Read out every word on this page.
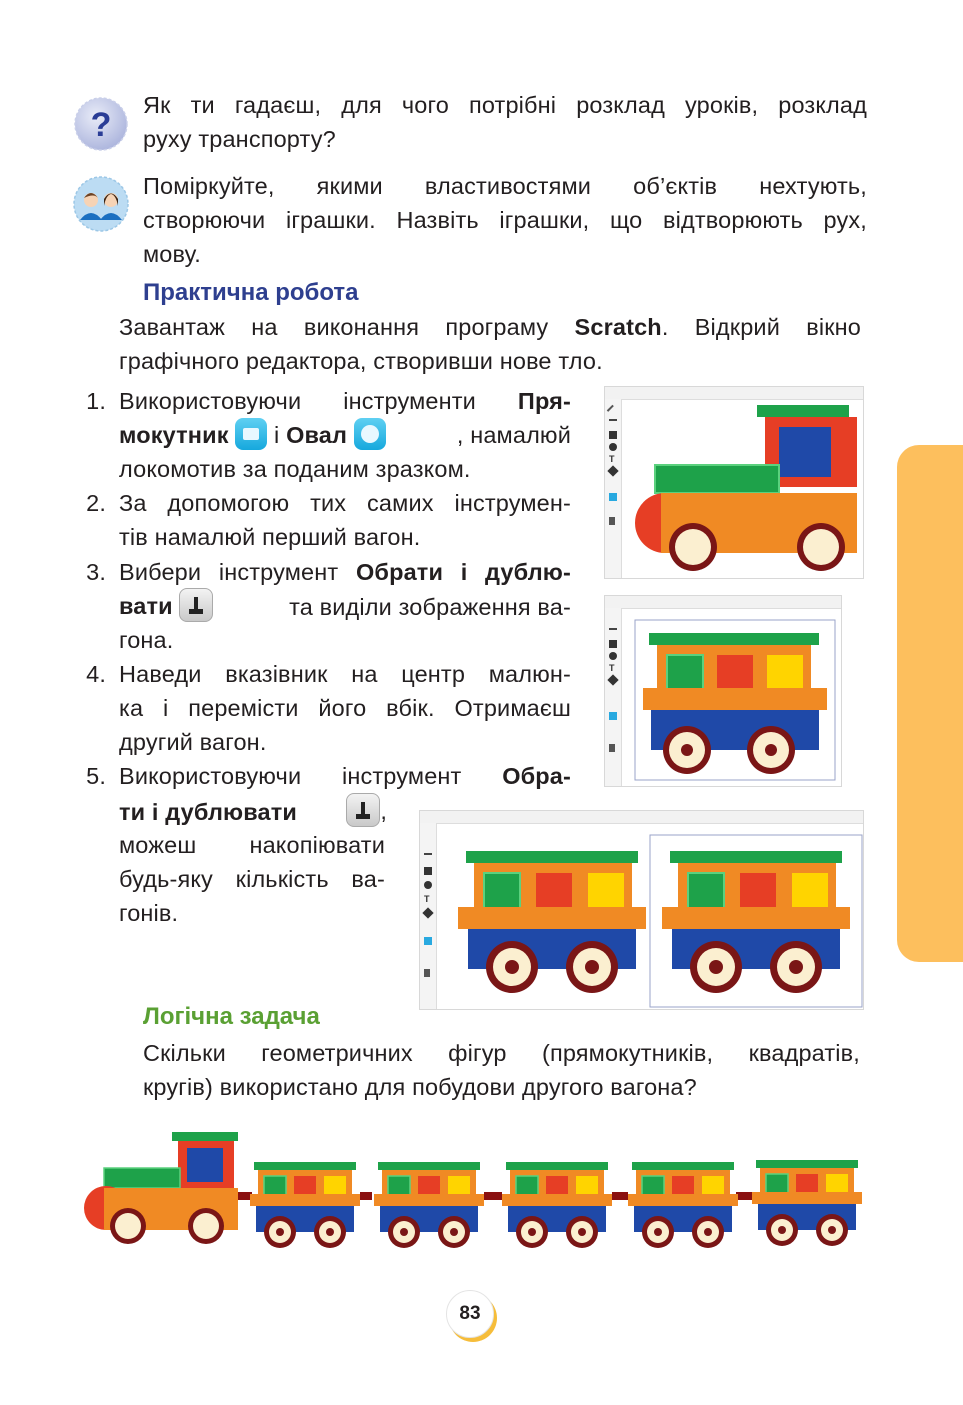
?
Як ти гадаєш, для чого потрібні розклад уроків, розклад
руху транспорту?
Поміркуйте, якими властивостями об’єктів нехтують,
створюючи іграшки. Назвіть іграшки, що відтворюють рух,
мову.
Практична робота
Завантаж на виконання програму Scratch. Відкрий вікно
графічного редактора, створивши нове тло.
1. Використовуючи інструменти Пря-
мокутник  і Овал	, намалюй
локомотив за поданим зразком.
2. За допомогою тих самих інструмен-
тів намалюй перший вагон.
3. Вибери інструмент Обрати і дублю-
вати	та виділи зображення ва-
гона.
4. Наведи вказівник на центр малюн-
ка і перемісти його вбік. Отримаєш
другий вагон.
5. Використовуючи інструмент Обра-
ти і дублювати	,
можеш накопіювати
будь-яку кількість ва-
гонів.
T
T
T
Логічна задача
Скільки геометричних фігур (прямокутників, квадратів,
кругів) використано для побудови другого вагона?
83
